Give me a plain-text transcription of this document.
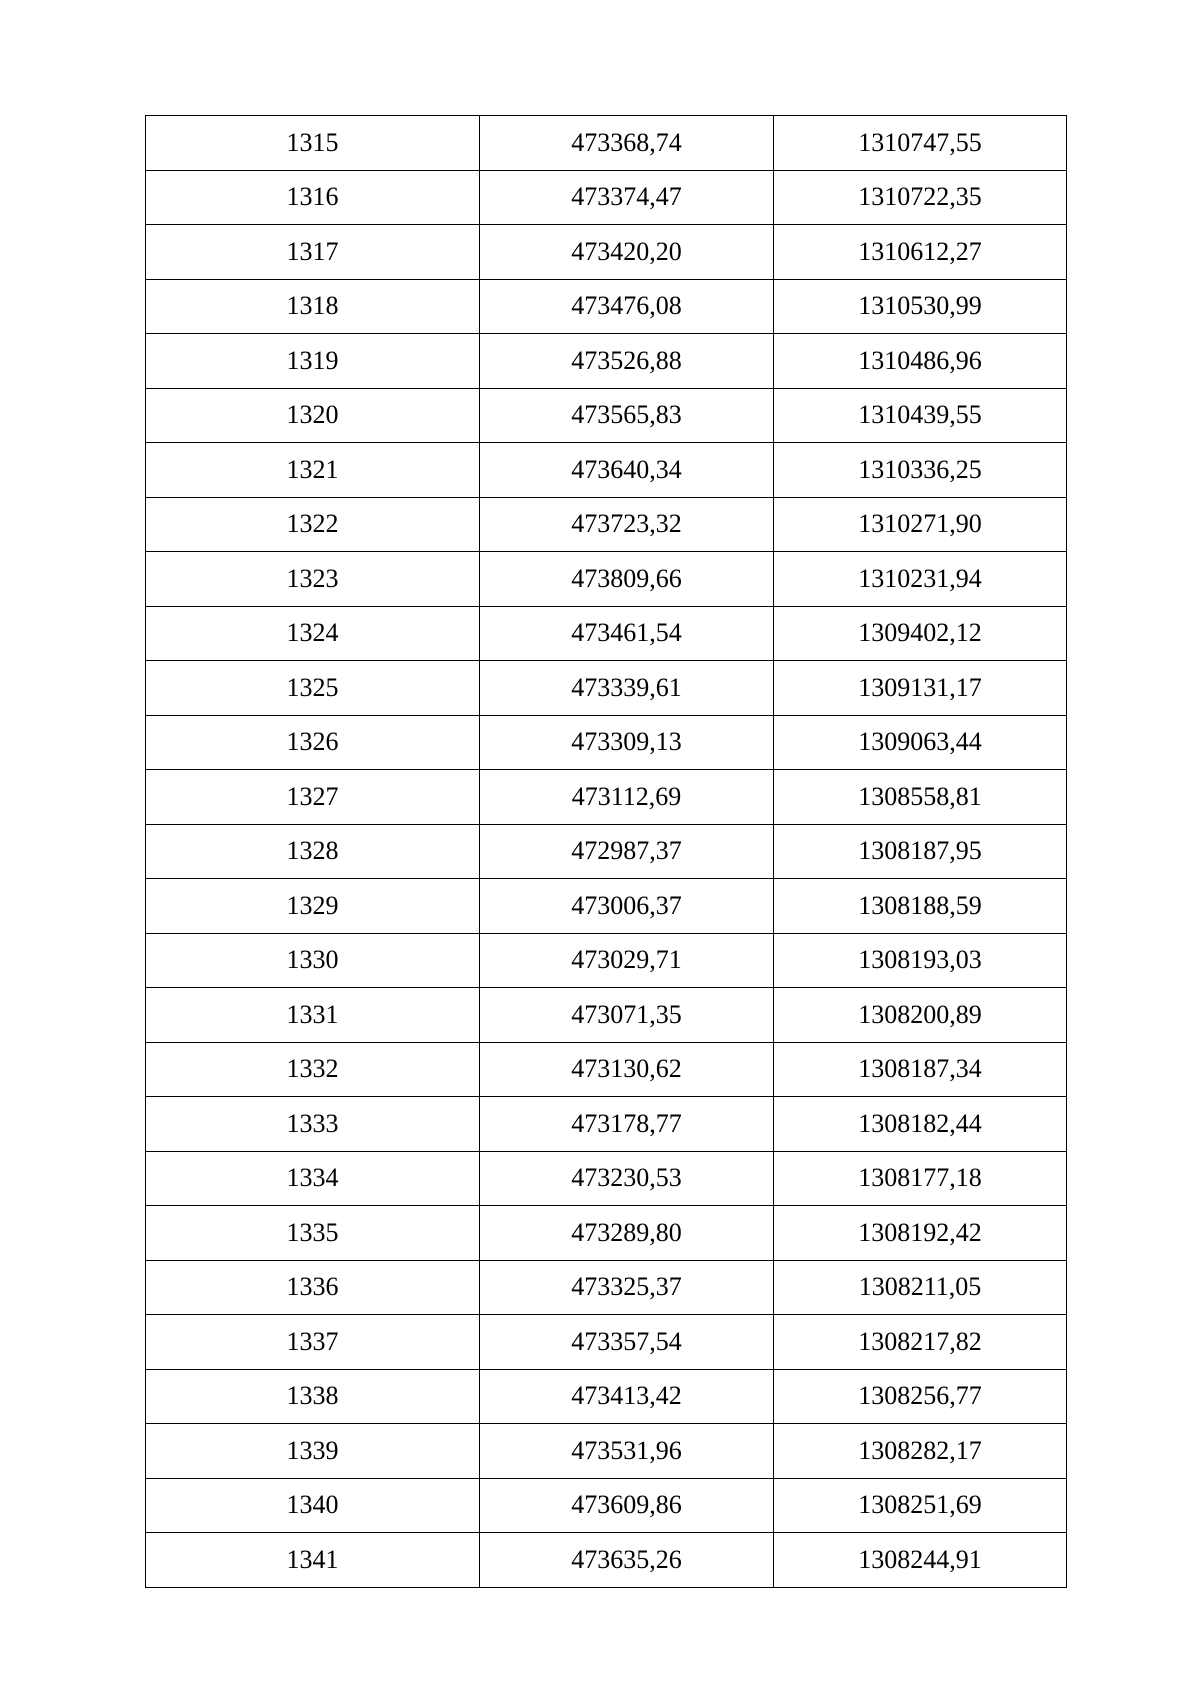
1315	473368,74	1310747,55
1316	473374,47	1310722,35
1317	473420,20	1310612,27
1318	473476,08	1310530,99
1319	473526,88	1310486,96
1320	473565,83	1310439,55
1321	473640,34	1310336,25
1322	473723,32	1310271,90
1323	473809,66	1310231,94
1324	473461,54	1309402,12
1325	473339,61	1309131,17
1326	473309,13	1309063,44
1327	473112,69	1308558,81
1328	472987,37	1308187,95
1329	473006,37	1308188,59
1330	473029,71	1308193,03
1331	473071,35	1308200,89
1332	473130,62	1308187,34
1333	473178,77	1308182,44
1334	473230,53	1308177,18
1335	473289,80	1308192,42
1336	473325,37	1308211,05
1337	473357,54	1308217,82
1338	473413,42	1308256,77
1339	473531,96	1308282,17
1340	473609,86	1308251,69
1341	473635,26	1308244,91
